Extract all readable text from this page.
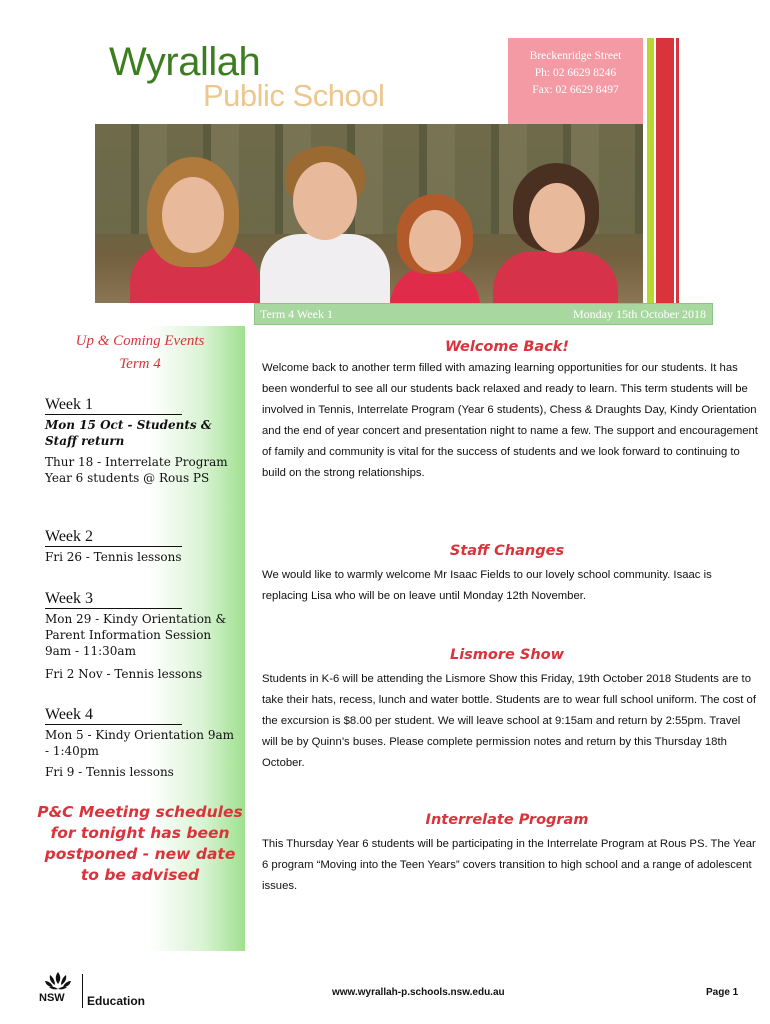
Wyrallah
Public School
Breckenridge Street
Ph: 02 6629 8246
Fax: 02 6629 8497
Term 4 Week 1	Monday 15th October 2018
Up & Coming Events
Term 4
Week 1
Mon 15 Oct - Students & Staff return
Thur 18 - Interrelate Program Year 6 students @ Rous PS
Week 2
Fri 26 - Tennis lessons
Week 3
Mon 29 - Kindy Orientation & Parent Information Session 9am - 11:30am
Fri 2 Nov - Tennis lessons
Week 4
Mon 5 - Kindy Orientation 9am - 1:40pm
Fri 9 - Tennis lessons
P&C Meeting schedules for tonight has been postponed - new date to be advised
Welcome Back!
Welcome back to another term filled with amazing learning opportunities for our students. It has been wonderful to see all our students back relaxed and ready to learn. This term students will be involved in Tennis, Interrelate Program (Year 6 students), Chess & Draughts Day, Kindy Orientation and the end of year concert and presentation night to name a few. The support and encouragement of family and community is vital for the success of students and we look forward to continuing to build on the strong relationships.
Staff Changes
We would like to warmly welcome Mr Isaac Fields to our lovely school community. Isaac is replacing Lisa who will be on leave until Monday 12th November.
Lismore Show
Students in K-6 will be attending the Lismore Show this Friday, 19th October 2018 Students are to take their hats, recess, lunch and water bottle. Students are to wear full school uniform. The cost of the excursion is $8.00 per student. We will leave school at 9:15am and return by 2:55pm. Travel will be by Quinn’s buses. Please complete permission notes and return by this Thursday 18th October.
Interrelate Program
This Thursday Year 6 students will be participating in the Interrelate Program at Rous PS. The Year 6 program “Moving into the Teen Years” covers transition to high school and a range of adolescent issues.
NSW Education
www.wyrallah-p.schools.nsw.edu.au	Page 1
